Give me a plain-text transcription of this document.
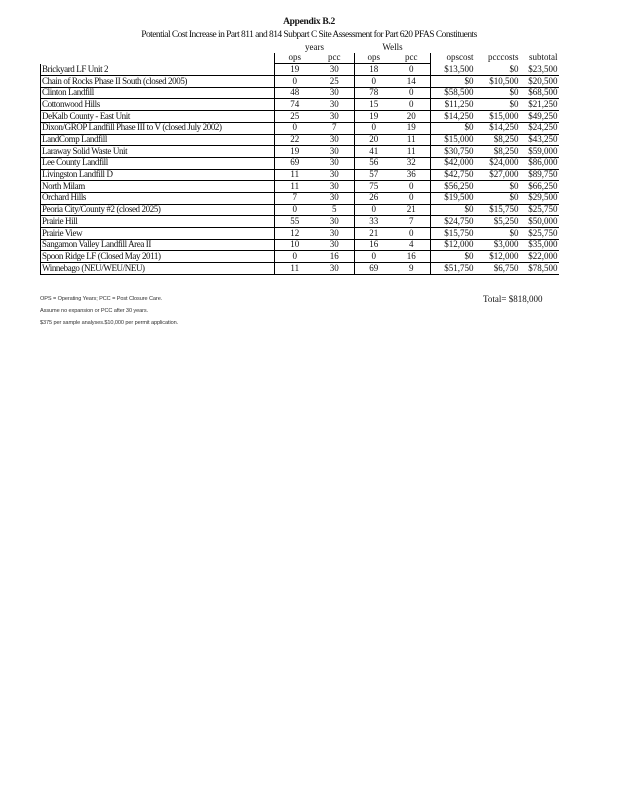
Appendix B.2
Potential Cost Increase in Part 811 and 814 Subpart C Site Assessment for Part 620 PFAS Constituents
	years		Wells				
	ops	pcc	ops	pcc	opscost	pcccosts	subtotal
Brickyard LF Unit 2	19	30	18	0	$13,500	$0	$23,500
Chain of Rocks Phase II South (closed 2005)	0	25	0	14	$0	$10,500	$20,500
Clinton Landfill	48	30	78	0	$58,500	$0	$68,500
Cottonwood Hills	74	30	15	0	$11,250	$0	$21,250
DeKalb County - East Unit	25	30	19	20	$14,250	$15,000	$49,250
Dixon/GROP Landfill Phase III to V (closed July 2002)	0	7	0	19	$0	$14,250	$24,250
LandComp Landfill	22	30	20	11	$15,000	$8,250	$43,250
Laraway Solid Waste Unit	19	30	41	11	$30,750	$8,250	$59,000
Lee County Landfill	69	30	56	32	$42,000	$24,000	$86,000
Livingston Landfill D	11	30	57	36	$42,750	$27,000	$89,750
North Milam	11	30	75	0	$56,250	$0	$66,250
Orchard Hills	7	30	26	0	$19,500	$0	$29,500
Peoria City/County #2 (closed 2025)	0	5	0	21	$0	$15,750	$25,750
Prairie Hill	55	30	33	7	$24,750	$5,250	$50,000
Prairie View	12	30	21	0	$15,750	$0	$25,750
Sangamon Valley Landfill Area II	10	30	16	4	$12,000	$3,000	$35,000
Spoon Ridge LF (Closed May 2011)	0	16	0	16	$0	$12,000	$22,000
Winnebago (NEU/WEU/NEU)	11	30	69	9	$51,750	$6,750	$78,500
Total= $818,000
OPS = Operating Years; PCC = Post Closure Care.
Assume no expansion or PCC after 30 years.
$375 per sample analyses.$10,000 per permit application.
